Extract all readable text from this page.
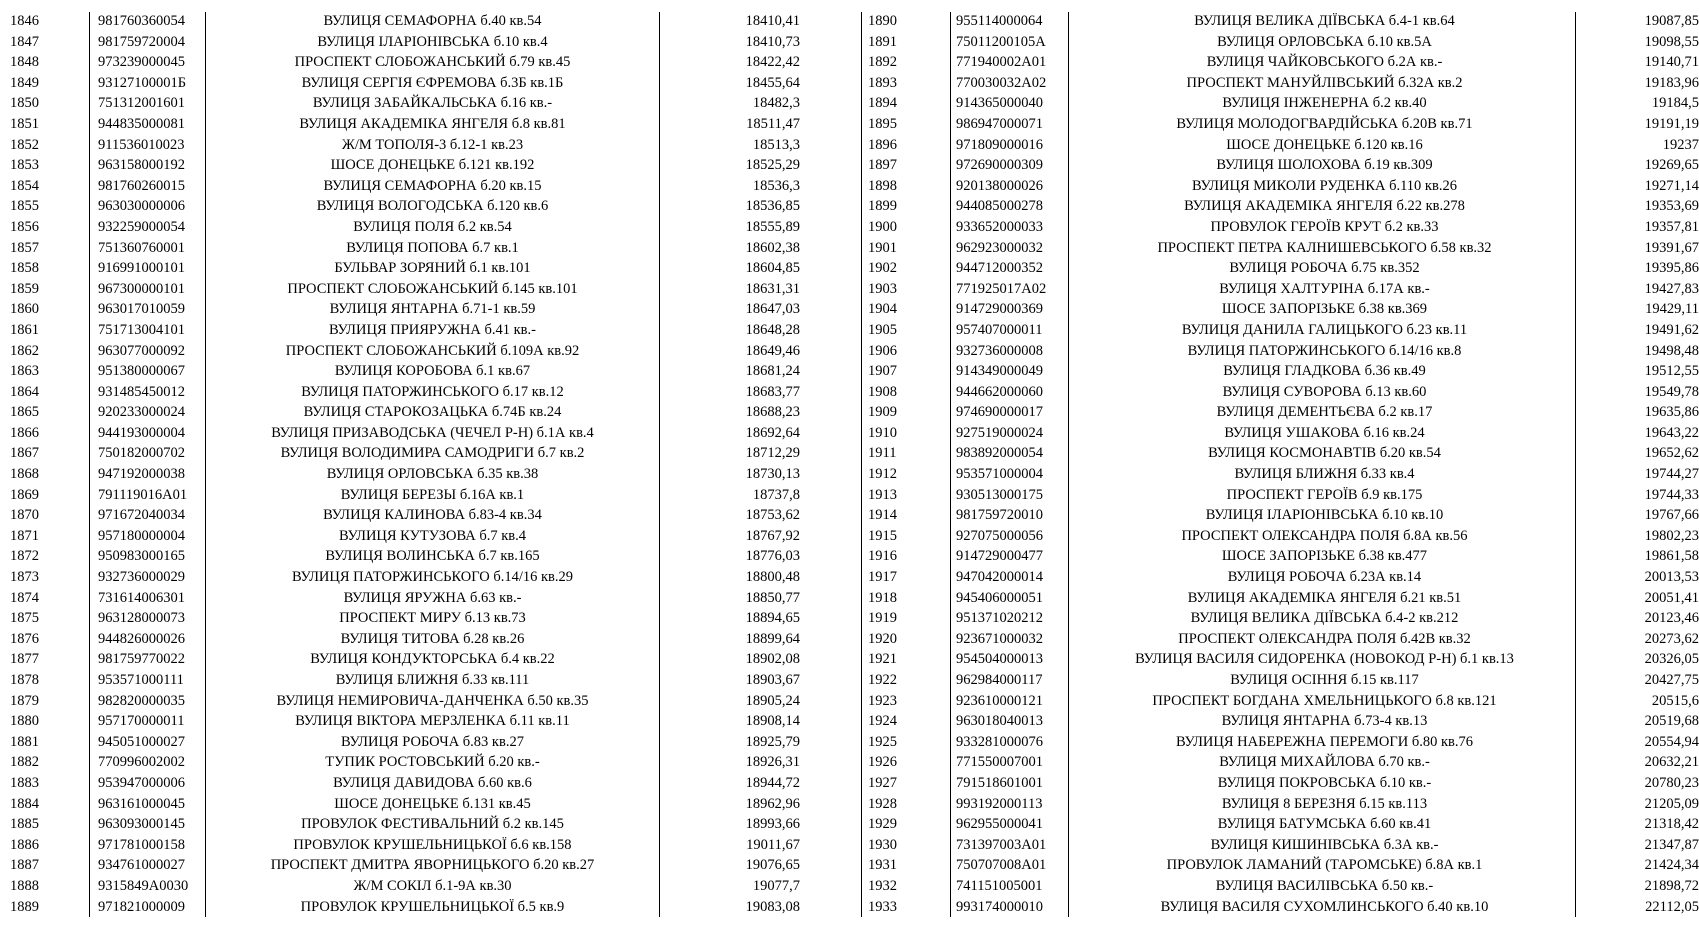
1846	981760360054	ВУЛИЦЯ СЕМАФОРНА б.40 кв.54	18410,41
1847	981759720004	ВУЛИЦЯ ІЛАРІОНІВСЬКА б.10 кв.4	18410,73
1848	973239000045	ПРОСПЕКТ СЛОБОЖАНСЬКИЙ б.79 кв.45	18422,42
1849	93127100001Б	ВУЛИЦЯ СЕРГІЯ ЄФРЕМОВА б.3Б кв.1Б	18455,64
1850	751312001601	ВУЛИЦЯ ЗАБАЙКАЛЬСЬКА б.16 кв.-	18482,3
1851	944835000081	ВУЛИЦЯ АКАДЕМІКА ЯНГЕЛЯ б.8 кв.81	18511,47
1852	911536010023	Ж/М ТОПОЛЯ-3 б.12-1 кв.23	18513,3
1853	963158000192	ШОСЕ ДОНЕЦЬКЕ б.121 кв.192	18525,29
1854	981760260015	ВУЛИЦЯ СЕМАФОРНА б.20 кв.15	18536,3
1855	963030000006	ВУЛИЦЯ ВОЛОГОДСЬКА б.120 кв.6	18536,85
1856	932259000054	ВУЛИЦЯ ПОЛЯ б.2 кв.54	18555,89
1857	751360760001	ВУЛИЦЯ ПОПОВА б.7 кв.1	18602,38
1858	916991000101	БУЛЬВАР ЗОРЯНИЙ б.1 кв.101	18604,85
1859	967300000101	ПРОСПЕКТ СЛОБОЖАНСЬКИЙ б.145 кв.101	18631,31
1860	963017010059	ВУЛИЦЯ ЯНТАРНА б.71-1 кв.59	18647,03
1861	751713004101	ВУЛИЦЯ ПРИЯРУЖНА б.41 кв.-	18648,28
1862	963077000092	ПРОСПЕКТ СЛОБОЖАНСЬКИЙ б.109А кв.92	18649,46
1863	951380000067	ВУЛИЦЯ КОРОБОВА б.1 кв.67	18681,24
1864	931485450012	ВУЛИЦЯ ПАТОРЖИНСЬКОГО б.17 кв.12	18683,77
1865	920233000024	ВУЛИЦЯ СТАРОКОЗАЦЬКА б.74Б кв.24	18688,23
1866	944193000004	ВУЛИЦЯ ПРИЗАВОДСЬКА (ЧЕЧЕЛ Р-Н) б.1А кв.4	18692,64
1867	750182000702	ВУЛИЦЯ ВОЛОДИМИРА САМОДРИГИ б.7 кв.2	18712,29
1868	947192000038	ВУЛИЦЯ ОРЛОВСЬКА б.35 кв.38	18730,13
1869	791119016А01	ВУЛИЦЯ БЕРЕЗЫ б.16А кв.1	18737,8
1870	971672040034	ВУЛИЦЯ КАЛИНОВА б.83-4 кв.34	18753,62
1871	957180000004	ВУЛИЦЯ КУТУЗОВА б.7 кв.4	18767,92
1872	950983000165	ВУЛИЦЯ ВОЛИНСЬКА б.7 кв.165	18776,03
1873	932736000029	ВУЛИЦЯ ПАТОРЖИНСЬКОГО б.14/16 кв.29	18800,48
1874	731614006301	ВУЛИЦЯ ЯРУЖНА б.63 кв.-	18850,77
1875	963128000073	ПРОСПЕКТ МИРУ б.13 кв.73	18894,65
1876	944826000026	ВУЛИЦЯ ТИТОВА б.28 кв.26	18899,64
1877	981759770022	ВУЛИЦЯ КОНДУКТОРСЬКА б.4 кв.22	18902,08
1878	953571000111	ВУЛИЦЯ БЛИЖНЯ б.33 кв.111	18903,67
1879	982820000035	ВУЛИЦЯ НЕМИРОВИЧА-ДАНЧЕНКА б.50 кв.35	18905,24
1880	957170000011	ВУЛИЦЯ ВІКТОРА МЕРЗЛЕНКА б.11 кв.11	18908,14
1881	945051000027	ВУЛИЦЯ РОБОЧА б.83 кв.27	18925,79
1882	770996002002	ТУПИК РОСТОВСЬКИЙ б.20 кв.-	18926,31
1883	953947000006	ВУЛИЦЯ ДАВИДОВА б.60 кв.6	18944,72
1884	963161000045	ШОСЕ ДОНЕЦЬКЕ б.131 кв.45	18962,96
1885	963093000145	ПРОВУЛОК ФЕСТИВАЛЬНИЙ б.2 кв.145	18993,66
1886	971781000158	ПРОВУЛОК КРУШЕЛЬНИЦЬКОЇ б.6 кв.158	19011,67
1887	934761000027	ПРОСПЕКТ ДМИТРА ЯВОРНИЦЬКОГО б.20 кв.27	19076,65
1888	9315849А0030	Ж/М СОКІЛ б.1-9А кв.30	19077,7
1889	971821000009	ПРОВУЛОК КРУШЕЛЬНИЦЬКОЇ б.5 кв.9	19083,08
1890	955114000064	ВУЛИЦЯ ВЕЛИКА ДІЇВСЬКА б.4-1 кв.64	19087,85
1891	75011200105А	ВУЛИЦЯ ОРЛОВСЬКА б.10 кв.5А	19098,55
1892	771940002А01	ВУЛИЦЯ ЧАЙКОВСЬКОГО б.2А кв.-	19140,71
1893	770030032А02	ПРОСПЕКТ МАНУЙЛІВСЬКИЙ б.32А кв.2	19183,96
1894	914365000040	ВУЛИЦЯ ІНЖЕНЕРНА б.2 кв.40	19184,5
1895	986947000071	ВУЛИЦЯ МОЛОДОГВАРДІЙСЬКА б.20В кв.71	19191,19
1896	971809000016	ШОСЕ ДОНЕЦЬКЕ б.120 кв.16	19237
1897	972690000309	ВУЛИЦЯ ШОЛОХОВА б.19 кв.309	19269,65
1898	920138000026	ВУЛИЦЯ МИКОЛИ РУДЕНКА б.110 кв.26	19271,14
1899	944085000278	ВУЛИЦЯ АКАДЕМІКА ЯНГЕЛЯ б.22 кв.278	19353,69
1900	933652000033	ПРОВУЛОК ГЕРОЇВ КРУТ б.2 кв.33	19357,81
1901	962923000032	ПРОСПЕКТ ПЕТРА КАЛНИШЕВСЬКОГО б.58 кв.32	19391,67
1902	944712000352	ВУЛИЦЯ РОБОЧА б.75 кв.352	19395,86
1903	771925017А02	ВУЛИЦЯ ХАЛТУРІНА б.17А кв.-	19427,83
1904	914729000369	ШОСЕ ЗАПОРІЗЬКЕ б.38 кв.369	19429,11
1905	957407000011	ВУЛИЦЯ ДАНИЛА ГАЛИЦЬКОГО б.23 кв.11	19491,62
1906	932736000008	ВУЛИЦЯ ПАТОРЖИНСЬКОГО б.14/16 кв.8	19498,48
1907	914349000049	ВУЛИЦЯ ГЛАДКОВА б.36 кв.49	19512,55
1908	944662000060	ВУЛИЦЯ СУВОРОВА б.13 кв.60	19549,78
1909	974690000017	ВУЛИЦЯ ДЕМЕНТЬЄВА б.2 кв.17	19635,86
1910	927519000024	ВУЛИЦЯ УШАКОВА б.16 кв.24	19643,22
1911	983892000054	ВУЛИЦЯ КОСМОНАВТІВ б.20 кв.54	19652,62
1912	953571000004	ВУЛИЦЯ БЛИЖНЯ б.33 кв.4	19744,27
1913	930513000175	ПРОСПЕКТ ГЕРОЇВ б.9 кв.175	19744,33
1914	981759720010	ВУЛИЦЯ ІЛАРІОНІВСЬКА б.10 кв.10	19767,66
1915	927075000056	ПРОСПЕКТ ОЛЕКСАНДРА ПОЛЯ б.8А кв.56	19802,23
1916	914729000477	ШОСЕ ЗАПОРІЗЬКЕ б.38 кв.477	19861,58
1917	947042000014	ВУЛИЦЯ РОБОЧА б.23А кв.14	20013,53
1918	945406000051	ВУЛИЦЯ АКАДЕМІКА ЯНГЕЛЯ б.21 кв.51	20051,41
1919	951371020212	ВУЛИЦЯ ВЕЛИКА ДІЇВСЬКА б.4-2 кв.212	20123,46
1920	923671000032	ПРОСПЕКТ ОЛЕКСАНДРА ПОЛЯ б.42В кв.32	20273,62
1921	954504000013	ВУЛИЦЯ ВАСИЛЯ СИДОРЕНКА (НОВОКОД Р-Н) б.1 кв.13	20326,05
1922	962984000117	ВУЛИЦЯ ОСІННЯ б.15 кв.117	20427,75
1923	923610000121	ПРОСПЕКТ БОГДАНА ХМЕЛЬНИЦЬКОГО б.8 кв.121	20515,6
1924	963018040013	ВУЛИЦЯ ЯНТАРНА б.73-4 кв.13	20519,68
1925	933281000076	ВУЛИЦЯ НАБЕРЕЖНА ПЕРЕМОГИ б.80 кв.76	20554,94
1926	771550007001	ВУЛИЦЯ МИХАЙЛОВА б.70 кв.-	20632,21
1927	791518601001	ВУЛИЦЯ ПОКРОВСЬКА б.10 кв.-	20780,23
1928	993192000113	ВУЛИЦЯ 8 БЕРЕЗНЯ б.15 кв.113	21205,09
1929	962955000041	ВУЛИЦЯ БАТУМСЬКА б.60 кв.41	21318,42
1930	731397003А01	ВУЛИЦЯ КИШИНІВСЬКА б.3А кв.-	21347,87
1931	750707008А01	ПРОВУЛОК ЛАМАНИЙ (ТАРОМСЬКЕ) б.8А кв.1	21424,34
1932	741151005001	ВУЛИЦЯ ВАСИЛІВСЬКА б.50 кв.-	21898,72
1933	993174000010	ВУЛИЦЯ ВАСИЛЯ СУХОМЛИНСЬКОГО б.40 кв.10	22112,05
